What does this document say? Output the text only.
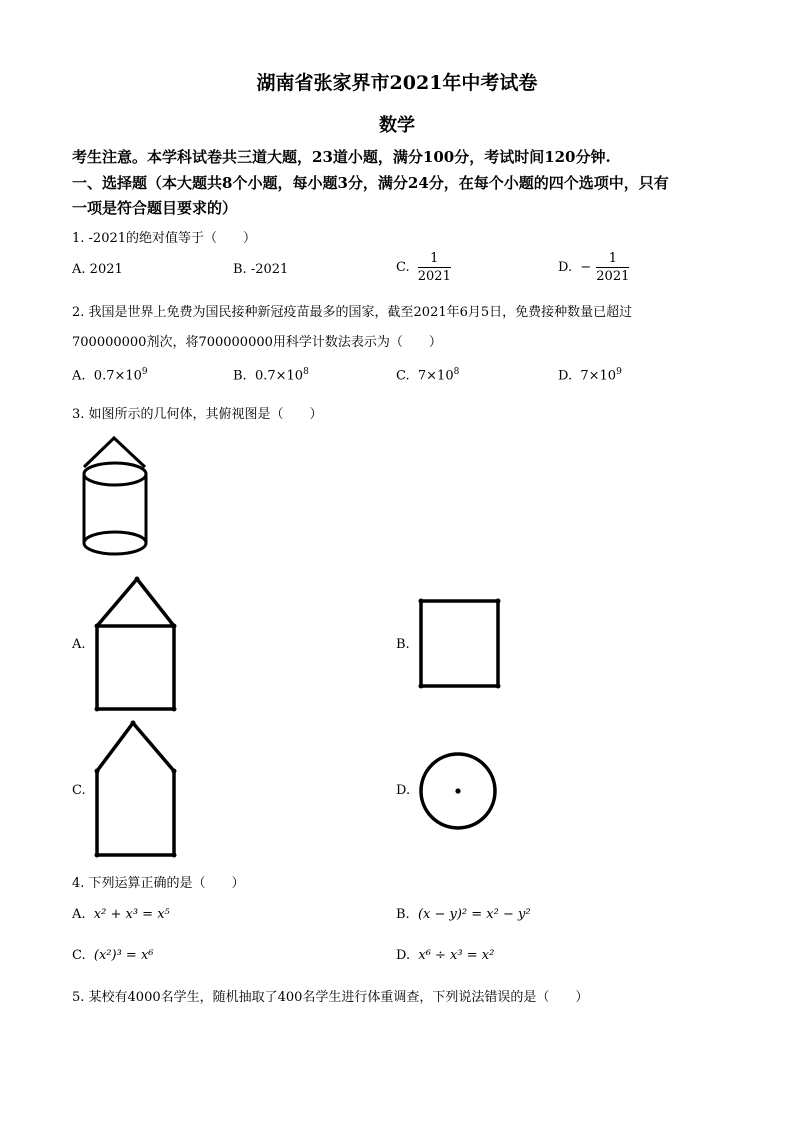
湖南省张家界市2021年中考试卷
数学
考生注意。本学科试卷共三道大题，23道小题，满分100分，考试时间120分钟.
一、选择题（本大题共8个小题，每小题3分，满分24分，在每个小题的四个选项中，只有
一项是符合题目要求的）
1. -2021的绝对值等于（　　）
A. 2021	B. -2021	C. $\frac{1}{2021}$	D. − $\frac{1}{2021}$
2. 我国是世界上免费为国民接种新冠疫苗最多的国家，截至2021年6月5日，免费接种数量已超过
700000000剂次，将700000000用科学计数法表示为（　　）
A. $0.7\times 10^9$	B. $0.7\times 10^8$	C. $7\times 10^8$	D. $7\times 10^9$
3. 如图所示的几何体，其俯视图是（　　）
A.	B.
C.	D.
4. 下列运算正确的是（　　）
A. x² + x³ = x⁵	B. (x − y)² = x² − y²
C. (x²)³ = x⁶	D. x⁶ ÷ x³ = x²
5. 某校有4000名学生，随机抽取了400名学生进行体重调查，下列说法错误的是（　　）
